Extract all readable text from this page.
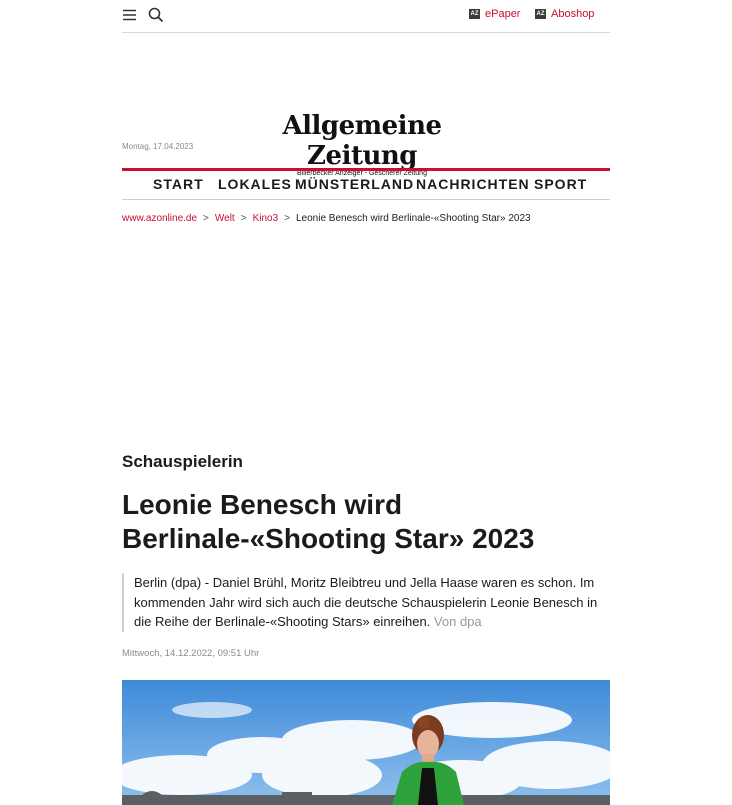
AZ ePaper	AZ Aboshop
Montag, 17.04.2023
Allgemeine Zeitung
Billerbecker Anzeiger - Gescherer Zeitung
START LOKALES MÜNSTERLAND NACHRICHTEN SPORT
www.azonline.de > Welt > Kino3 > Leonie Benesch wird Berlinale-«Shooting Star» 2023
Schauspielerin
Leonie Benesch wird Berlinale-«Shooting Star» 2023
Berlin (dpa) - Daniel Brühl, Moritz Bleibtreu und Jella Haase waren es schon. Im kommenden Jahr wird sich auch die deutsche Schauspielerin Leonie Benesch in die Reihe der Berlinale-«Shooting Stars» einreihen. Von dpa
Mittwoch, 14.12.2022, 09:51 Uhr
